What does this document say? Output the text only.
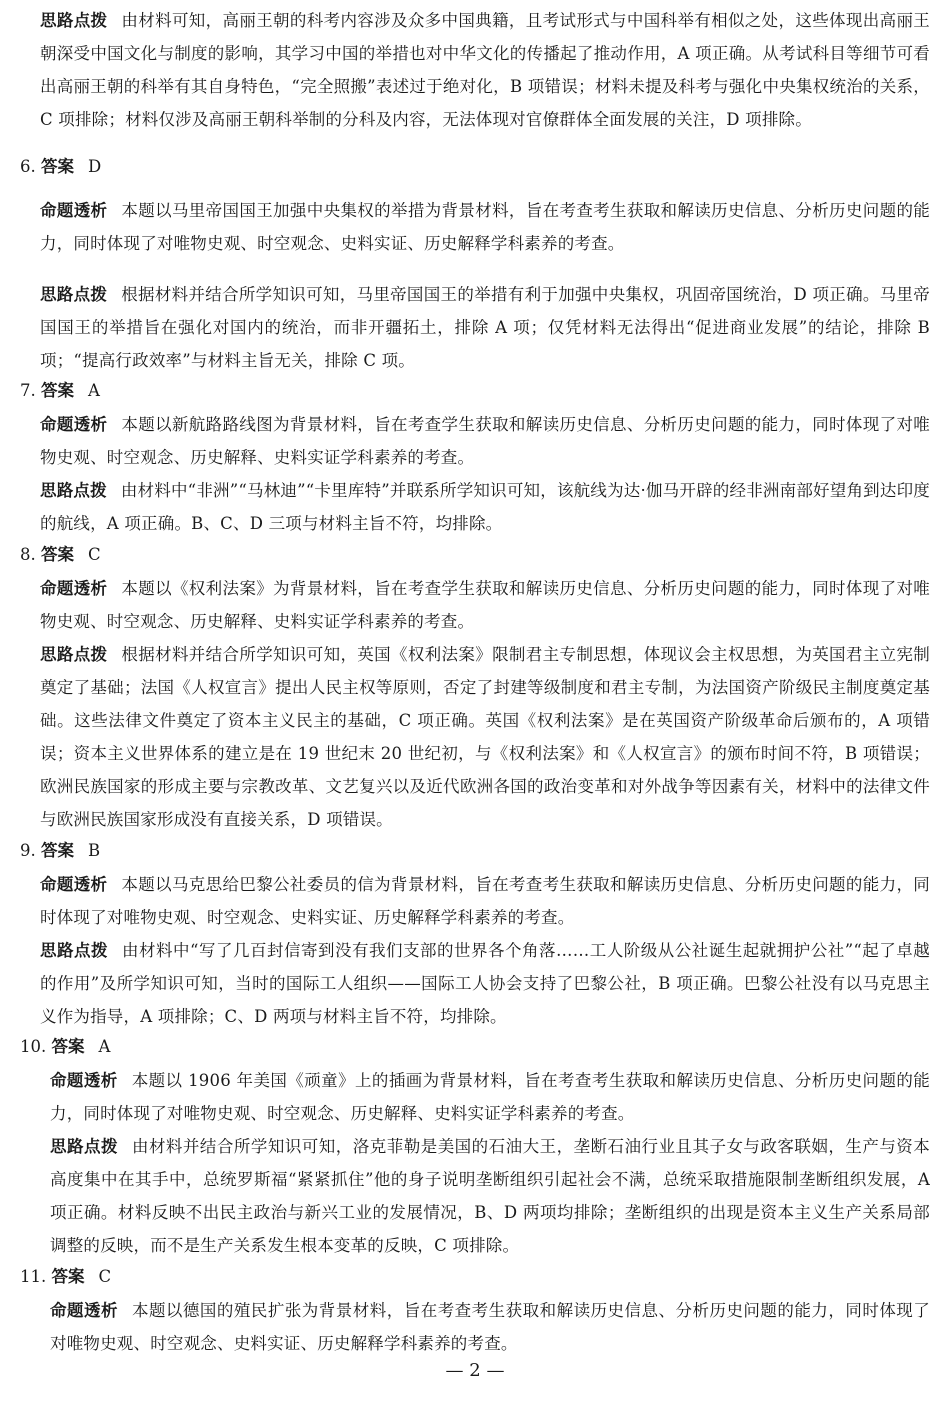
思路点拨 由材料可知，高丽王朝的科考内容涉及众多中国典籍，且考试形式与中国科举有相似之处，这些体现出高丽王朝深受中国文化与制度的影响，其学习中国的举措也对中华文化的传播起了推动作用，A 项正确。从考试科目等细节可看出高丽王朝的科举有其自身特色，“完全照搬”表述过于绝对化，B 项错误；材料未提及科考与强化中央集权统治的关系，C 项排除；材料仅涉及高丽王朝科举制的分科及内容，无法体现对官僚群体全面发展的关注，D 项排除。

6. 答案 D

命题透析 本题以马里帝国国王加强中央集权的举措为背景材料，旨在考查考生获取和解读历史信息、分析历史问题的能力，同时体现了对唯物史观、时空观念、史料实证、历史解释学科素养的考查。

思路点拨 根据材料并结合所学知识可知，马里帝国国王的举措有利于加强中央集权，巩固帝国统治，D 项正确。马里帝国国王的举措旨在强化对国内的统治，而非开疆拓土，排除 A 项；仅凭材料无法得出“促进商业发展”的结论，排除 B 项；“提高行政效率”与材料主旨无关，排除 C 项。

7. 答案 A

命题透析 本题以新航路路线图为背景材料，旨在考查学生获取和解读历史信息、分析历史问题的能力，同时体现了对唯物史观、时空观念、历史解释、史料实证学科素养的考查。

思路点拨 由材料中“非洲”“马林迪”“卡里库特”并联系所学知识可知，该航线为达·伽马开辟的经非洲南部好望角到达印度的航线，A 项正确。B、C、D 三项与材料主旨不符，均排除。

8. 答案 C

命题透析 本题以《权利法案》为背景材料，旨在考查学生获取和解读历史信息、分析历史问题的能力，同时体现了对唯物史观、时空观念、历史解释、史料实证学科素养的考查。

思路点拨 根据材料并结合所学知识可知，英国《权利法案》限制君主专制思想，体现议会主权思想，为英国君主立宪制奠定了基础；法国《人权宣言》提出人民主权等原则，否定了封建等级制度和君主专制，为法国资产阶级民主制度奠定基础。这些法律文件奠定了资本主义民主的基础，C 项正确。英国《权利法案》是在英国资产阶级革命后颁布的，A 项错误；资本主义世界体系的建立是在 19 世纪末 20 世纪初，与《权利法案》和《人权宣言》的颁布时间不符，B 项错误；欧洲民族国家的形成主要与宗教改革、文艺复兴以及近代欧洲各国的政治变革和对外战争等因素有关，材料中的法律文件与欧洲民族国家形成没有直接关系，D 项错误。

9. 答案 B

命题透析 本题以马克思给巴黎公社委员的信为背景材料，旨在考查考生获取和解读历史信息、分析历史问题的能力，同时体现了对唯物史观、时空观念、史料实证、历史解释学科素养的考查。

思路点拨 由材料中“写了几百封信寄到没有我们支部的世界各个角落……工人阶级从公社诞生起就拥护公社”“起了卓越的作用”及所学知识可知，当时的国际工人组织——国际工人协会支持了巴黎公社，B 项正确。巴黎公社没有以马克思主义作为指导，A 项排除；C、D 两项与材料主旨不符，均排除。

10. 答案 A

命题透析 本题以 1906 年美国《顽童》上的插画为背景材料，旨在考查考生获取和解读历史信息、分析历史问题的能力，同时体现了对唯物史观、时空观念、历史解释、史料实证学科素养的考查。

思路点拨 由材料并结合所学知识可知，洛克菲勒是美国的石油大王，垄断石油行业且其子女与政客联姻，生产与资本高度集中在其手中，总统罗斯福“紧紧抓住”他的身子说明垄断组织引起社会不满，总统采取措施限制垄断组织发展，A 项正确。材料反映不出民主政治与新兴工业的发展情况，B、D 两项均排除；垄断组织的出现是资本主义生产关系局部调整的反映，而不是生产关系发生根本变革的反映，C 项排除。

11. 答案 C

命题透析 本题以德国的殖民扩张为背景材料，旨在考查考生获取和解读历史信息、分析历史问题的能力，同时体现了对唯物史观、时空观念、史料实证、历史解释学科素养的考查。

— 2 —
